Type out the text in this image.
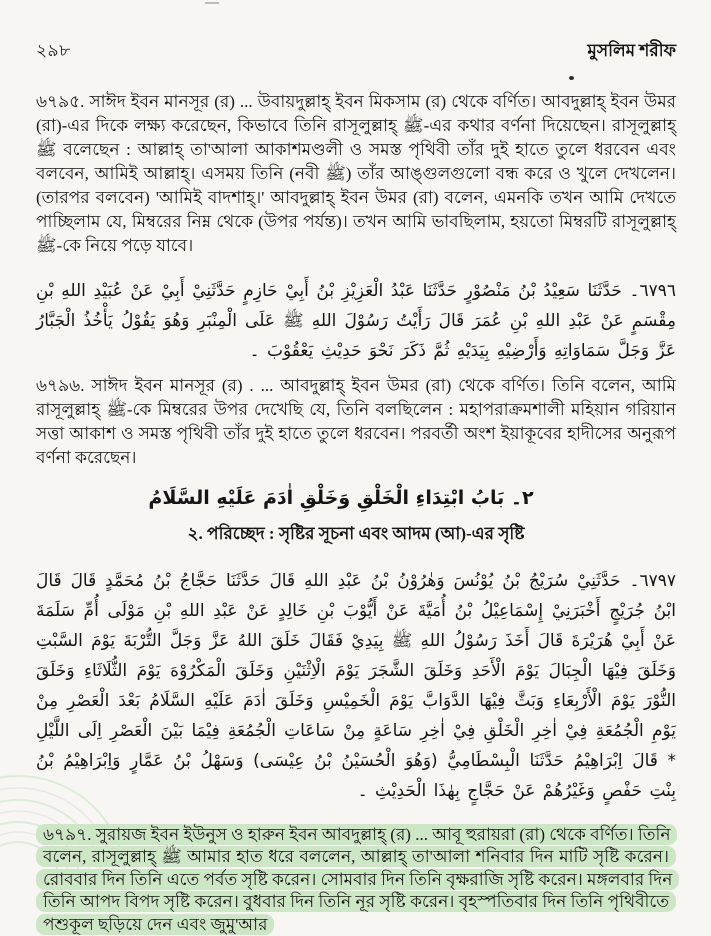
২৯৮	মুসলিম শরীফ

৬৭৯৫. সাঈদ ইবন মানসূর (র) ... উবায়দুল্লাহ্ ইবন মিকসাম (র) থেকে বর্ণিত। আবদুল্লাহ্ ইবন উমর (রা)-এর দিকে লক্ষ্য করেছেন, কিভাবে তিনি রাসূলুল্লাহ্ ﷺ-এর কথার বর্ণনা দিয়েছেন। রাসূলুল্লাহ্ ﷺ বলেছেন : আল্লাহ্ তা'আলা আকাশমণ্ডলী ও সমস্ত পৃথিবী তাঁর দুই হাতে তুলে ধরবেন এবং বলবেন, আমিই আল্লাহ্। এসময় তিনি (নবী ﷺ) তাঁর আঙ্গুলগুলো বন্ধ করে ও খুলে দেখলেন। (তারপর বলবেন) 'আমিই বাদশাহ্।' আবদুল্লাহ্ ইবন উমর (রা) বলেন, এমনকি তখন আমি দেখতে পাচ্ছিলাম যে, মিম্বরের নিম্ন থেকে (উপর পর্যন্ত)। তখন আমি ভাবছিলাম, হয়তো মিম্বরটি রাসূলুল্লাহ্ ﷺ-কে নিয়ে পড়ে যাবে।

٦٧٩٦۔ حَدَّثَنَا سَعِيْدُ بْنُ مَنْصُوْرٍ حَدَّثَنَا عَبْدُ الْعَزِيْزِ بْنُ أَبِيْ حَازِمٍ حَدَّثَنِيْ أَبِيْ عَنْ عُبَيْدِ اللهِ بْنِ مِقْسَمٍ عَنْ عَبْدِ اللهِ بْنِ عُمَرَ قَالَ رَأَيْتُ رَسُوْلَ اللهِ ﷺ عَلَى الْمِنْبَرِ وَهُوَ يَقُوْلُ يَأْخُذُ الْجَبَّارُ عَزَّ وَجَلَّ سَمَاوَاتِهِ وَأَرْضِيْهِ بِيَدَيْهِ ثُمَّ ذَكَرَ نَحْوَ حَدِيْثِ يَعْقُوْبَ ۔

৬৭৯৬. সাঈদ ইবন মানসূর (র) . ... আবদুল্লাহ্ ইবন উমর (রা) থেকে বর্ণিত। তিনি বলেন, আমি রাসূলুল্লাহ্ ﷺ-কে মিম্বরের উপর দেখেছি যে, তিনি বলছিলেন : মহাপরাক্রমশালী মহিয়ান গরিয়ান সত্তা আকাশ ও সমস্ত পৃথিবী তাঁর দুই হাতে তুলে ধরবেন। পরবর্তী অংশ ইয়াকূবের হাদীসের অনুরূপ বর্ণনা করেছেন।

٢۔ بَابُ ابْتِدَاءِ الْخَلْقِ وَخَلْقِ اٰدَمَ عَلَيْهِ السَّلَامُ
২. পরিচ্ছেদ : সৃষ্টির সূচনা এবং আদম (আ)-এর সৃষ্টি

٦٧٩٧۔ حَدَّثَنِيْ سُرَيْجُ بْنُ يُوْنُسَ وَهٰرُوْنُ بْنُ عَبْدِ اللهِ قَالَ حَدَّثَنَا حَجَّاجُ بْنُ مُحَمَّدٍ قَالَ قَالَ ابْنُ جُرَيْجٍ أَخْبَرَنِيْ إِسْمَاعِيْلُ بْنُ أُمَيَّةَ عَنْ أَيُّوْبَ بْنِ خَالِدٍ عَنْ عَبْدِ اللهِ بْنِ مَوْلَى أُمِّ سَلَمَةَ عَنْ أَبِيْ هُرَيْرَةَ قَالَ أَخَذَ رَسُوْلُ اللهِ ﷺ بِيَدِيْ فَقَالَ خَلَقَ اللهُ عَزَّ وَجَلَّ التُّرْبَةَ يَوْمَ السَّبْتِ وَخَلَقَ فِيْهَا الْجِبَالَ يَوْمَ الْأَحَدِ وَخَلَقَ الشَّجَرَ يَوْمَ الْاِثْنَيْنِ وَخَلَقَ الْمَكْرُوْهَ يَوْمَ الثُّلَاثَاءِ وَخَلَقَ النُّوْرَ يَوْمَ الْأَرْبِعَاءِ وَبَثَّ فِيْهَا الدَّوَابَّ يَوْمَ الْخَمِيْسِ وَخَلَقَ اٰدَمَ عَلَيْهِ السَّلَامُ بَعْدَ الْعَصْرِ مِنْ يَوْمِ الْجُمُعَةِ فِيْ اٰخِرِ الْخَلْقِ فِيْ اٰخِرِ سَاعَةٍ مِنْ سَاعَاتِ الْجُمُعَةِ فِيْمَا بَيْنَ الْعَصْرِ اِلَى اللَّيْلِ * قَالَ اِبْرَاهِيْمُ حَدَّثَنَا الْبِسْطَامِيُّ (وَهُوَ الْحُسَيْنُ بْنُ عِيْسَى) وَسَهْلُ بْنُ عَمَّارٍ وَاِبْرَاهِيْمُ بْنُ بِنْتِ حَفْصٍ وَغَيْرُهُمْ عَنْ حَجَّاجٍ بِهٰذَا الْحَدِيْثِ ۔

৬৭৯৭. সুরায়জ ইবন ইউনুস ও হারুন ইবন আবদুল্লাহ্ (র) ... আবূ হুরায়রা (রা) থেকে বর্ণিত। তিনি বলেন, রাসূলুল্লাহ্ ﷺ আমার হাত ধরে বললেন, আল্লাহ্ তা'আলা শনিবার দিন মাটি সৃষ্টি করেন। রোববার দিন তিনি এতে পর্বত সৃষ্টি করেন। সোমবার দিন তিনি বৃক্ষরাজি সৃষ্টি করেন। মঙ্গলবার দিন তিনি আপদ বিপদ সৃষ্টি করেন। বুধবার দিন তিনি নূর সৃষ্টি করেন। বৃহস্পতিবার দিন তিনি পৃথিবীতে পশুকূল ছড়িয়ে দেন এবং জুমু'আর
